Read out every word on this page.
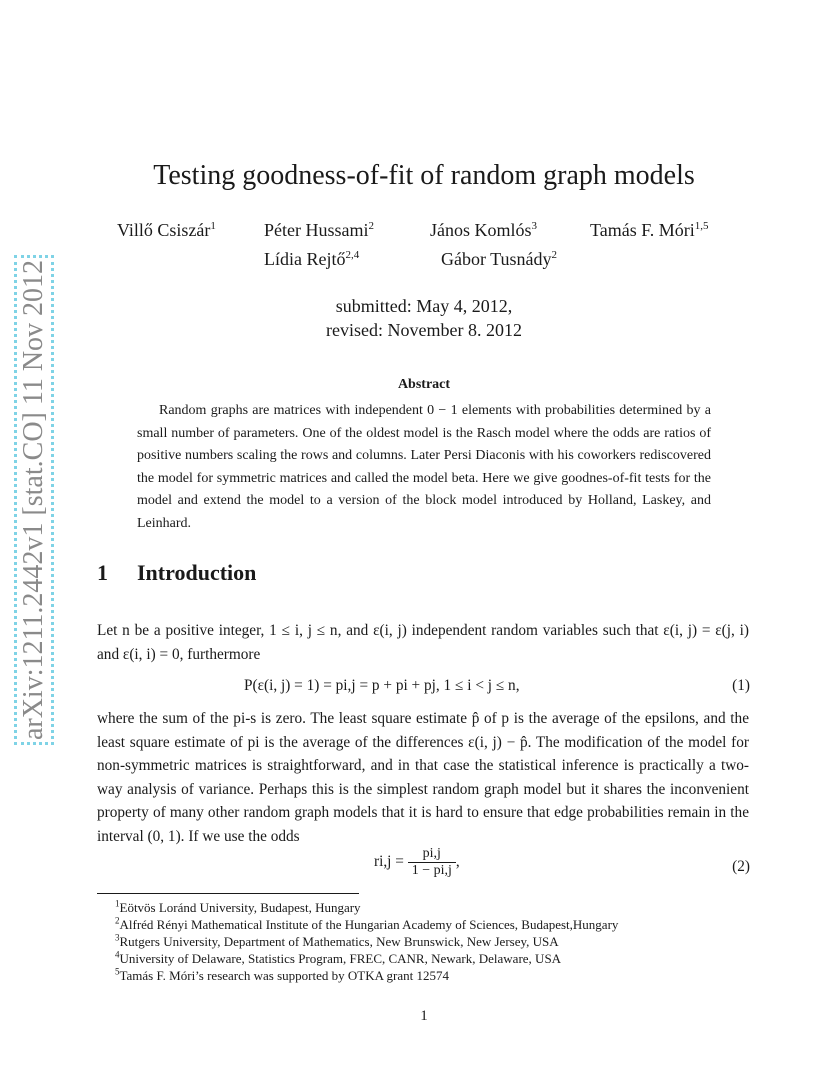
arXiv:1211.2442v1 [stat.CO] 11 Nov 2012
Testing goodness-of-fit of random graph models
Villő Csiszár$^1$	Péter Hussami$^2$	János Komlós$^3$	Tamás F. Móri$^{1,5}$
Lídia Rejtő$^{2,4}$	Gábor Tusnády$^2$
submitted: May 4, 2012,
revised: November 8. 2012
Abstract
Random graphs are matrices with independent 0 − 1 elements with probabilities determined by a small number of parameters. One of the oldest model is the Rasch model where the odds are ratios of positive numbers scaling the rows and columns. Later Persi Diaconis with his coworkers rediscovered the model for symmetric matrices and called the model beta. Here we give goodnes-of-fit tests for the model and extend the model to a version of the block model introduced by Holland, Laskey, and Leinhard.
1 Introduction
Let n be a positive integer, 1 ≤ i, j ≤ n, and ε(i, j) independent random variables such that ε(i, j) = ε(j, i) and ε(i, i) = 0, furthermore
P(ε(i, j) = 1) = pi,j = p + pi + pj, 1 ≤ i < j ≤ n,	(1)
where the sum of the pi-s is zero. The least square estimate p̂ of p is the average of the epsilons, and the least square estimate of pi is the average of the differences ε(i, j) − p̂. The modification of the model for non-symmetric matrices is straightforward, and in that case the statistical inference is practically a two-way analysis of variance. Perhaps this is the simplest random graph model but it shares the inconvenient property of many other random graph models that it is hard to ensure that edge probabilities remain in the interval (0, 1). If we use the odds
$ri,j = \frac{pi,j}{1 - pi,j}$ ,	(2)
$^1$Eötvös Loránd University, Budapest, Hungary
$^2$Alfréd Rényi Mathematical Institute of the Hungarian Academy of Sciences, Budapest,Hungary
$^3$Rutgers University, Department of Mathematics, New Brunswick, New Jersey, USA
$^4$University of Delaware, Statistics Program, FREC, CANR, Newark, Delaware, USA
$^5$Tamás F. Móri’s research was supported by OTKA grant 12574
1
